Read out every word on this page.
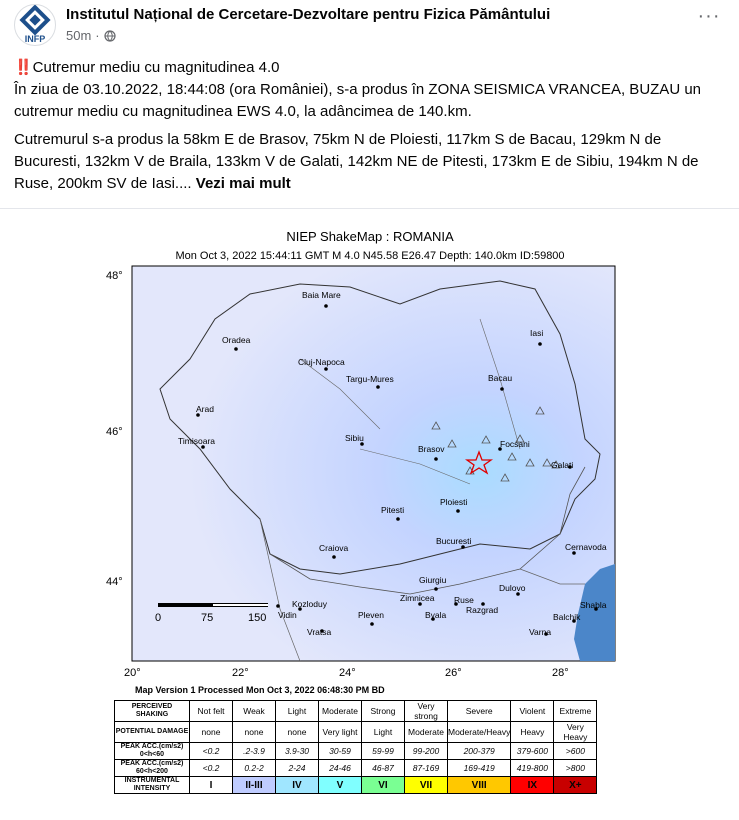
INFP
Institutul Național de Cercetare-Dezvoltare pentru Fizica Pământului
50m ·
···

‼️Cutremur mediu cu magnitudinea 4.0

În ziua de 03.10.2022, 18:44:08 (ora României), s-a produs în ZONA SEISMICA VRANCEA, BUZAU un cutremur mediu cu magnitudinea EWS 4.0, la adâncimea de 140.km.

Cutremurul s-a produs la 58km E de Brasov, 75km N de Ploiesti, 117km S de Bacau, 129km N de Bucuresti, 132km V de Braila, 133km V de Galati, 142km NE de Pitesti, 173km E de Sibiu, 194km N de Ruse, 200km SV de Iasi.... Vezi mai mult

NIEP ShakeMap : ROMANIA
Mon Oct 3, 2022 15:44:11 GMT M 4.0 N45.58 E26.47 Depth: 140.0km ID:59800
Baia Mare
Iasi
Oradea
Cluj-Napoca
Targu-Mures	Bacau
Arad
Timisoara	Sibiu
Brasov	Focsani
Galati
Ploiesti
Pitesti
Bucuresti
Craiova	Cernavoda
Giurgiu
Dulovo
Kozloduy
Zimnicea Ruse
Razgrad	Shabla
Vidin	Balchik
Vratsa
Pleven	Byala
Varna
0	75	150
48°
46°
44°
20°	22°	24°	26°	28°
Map Version 1 Processed Mon Oct 3, 2022 06:48:30 PM BD
PERCEIVED SHAKING	Not felt	Weak	Light	Moderate	Strong	Very strong	Severe	Violent	Extreme
POTENTIAL DAMAGE	none	none	none	Very light	Light	Moderate	Moderate/Heavy	Heavy	Very Heavy
PEAK ACC.(cm/s2) 0<h<60	<0.2	.2-3.9	3.9-30	30-59	59-99	99-200	200-379	379-600	>600
PEAK ACC.(cm/s2) 60<h<200	<0.2	0.2-2	2-24	24-46	46-87	87-169	169-419	419-800	>800
INSTRUMENTAL INTENSITY	I	II-III	IV	V	VI	VII	VIII	IX	X+
